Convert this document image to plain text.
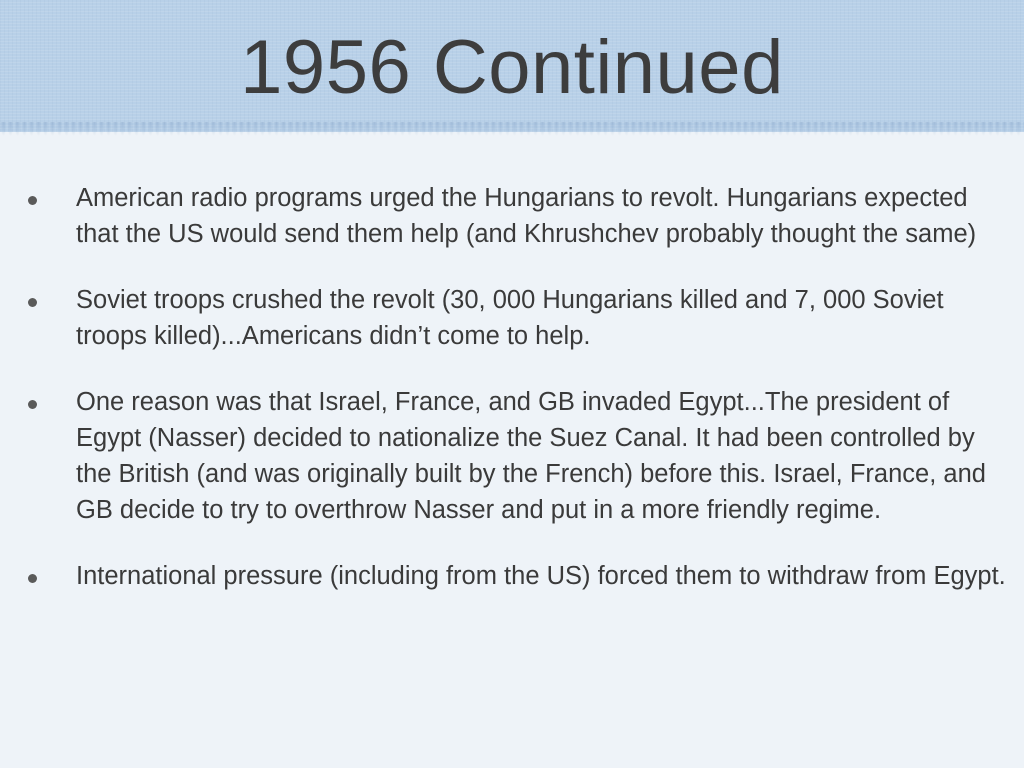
1956 Continued
American radio programs urged the Hungarians to revolt. Hungarians expected that the US would send them help (and Khrushchev probably thought the same)
Soviet troops crushed the revolt (30, 000 Hungarians killed and 7, 000 Soviet troops killed)...Americans didn’t come to help.
One reason was that Israel, France, and GB invaded Egypt...The president of Egypt (Nasser) decided to nationalize the Suez Canal. It had been controlled by the British (and was originally built by the French) before this. Israel, France, and GB decide to try to overthrow Nasser and put in a more friendly regime.
International pressure (including from the US) forced them to withdraw from Egypt.
